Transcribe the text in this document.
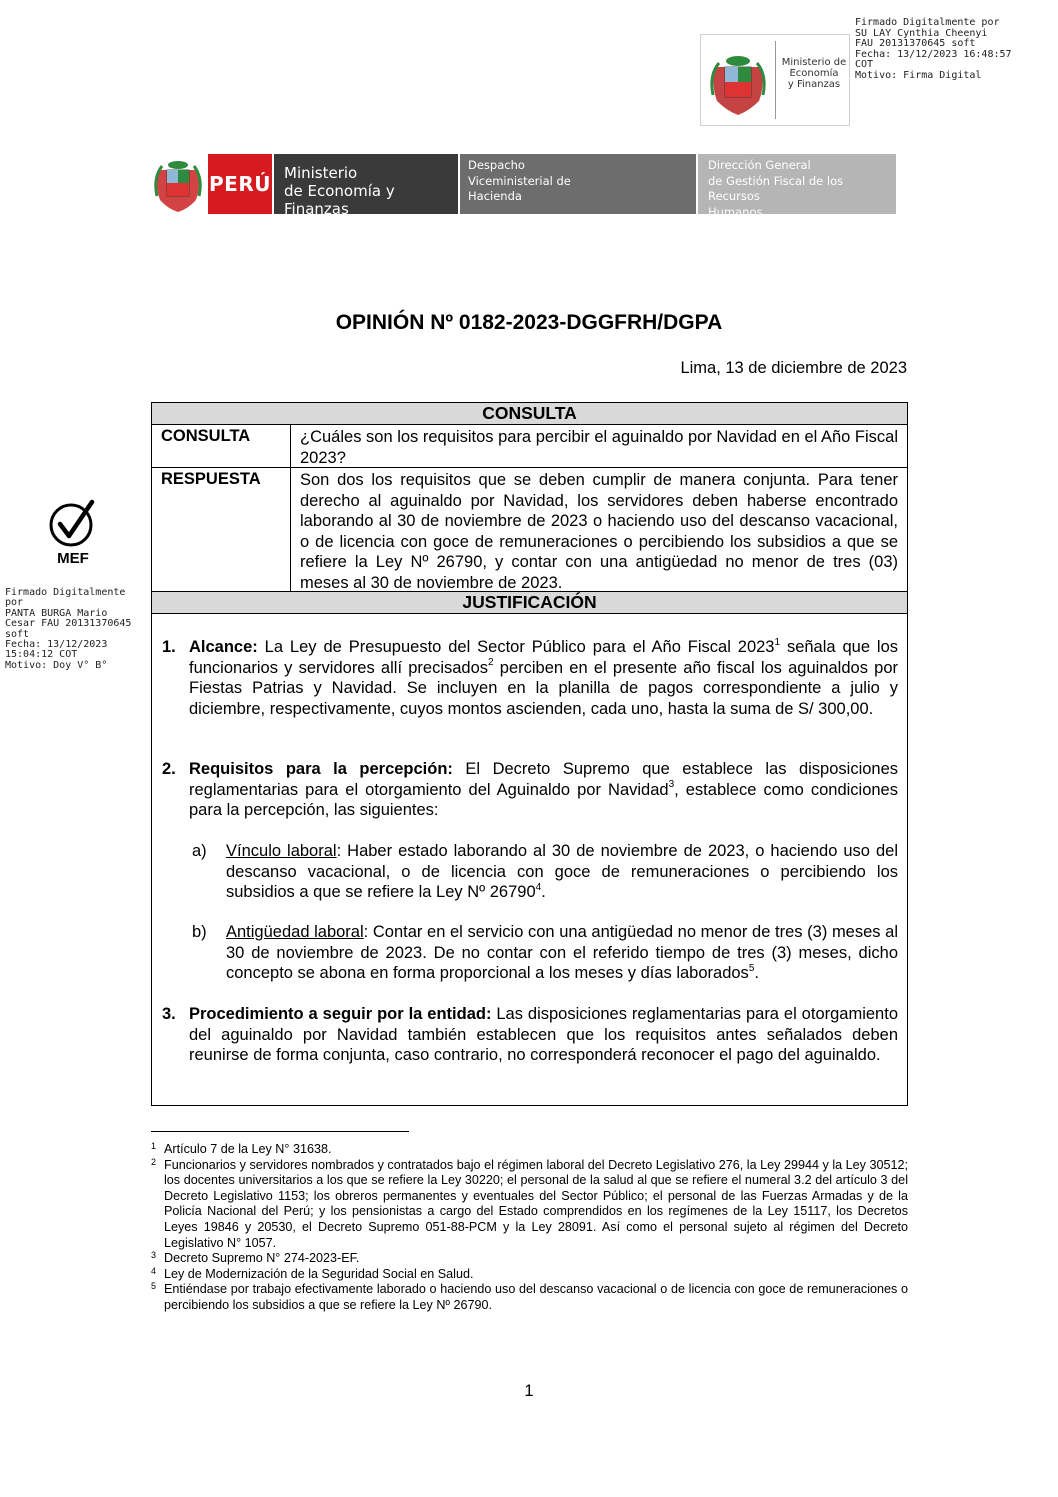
Ministerio de
Economía
y Finanzas
Firmado Digitalmente por
SU LAY Cynthia Cheenyi
FAU 20131370645 soft
Fecha: 13/12/2023 16:48:57
COT
Motivo: Firma Digital
PERÚ Ministerio
de Economía y Finanzas
Despacho
Viceministerial de
Hacienda
Dirección General
de Gestión Fiscal de los Recursos
Humanos
MEF
Firmado Digitalmente por
PANTA BURGA Mario
Cesar FAU 20131370645
soft
Fecha: 13/12/2023
15:04:12 COT
Motivo: Doy V° B°
OPINIÓN Nº 0182-2023-DGGFRH/DGPA
Lima, 13 de diciembre de 2023
CONSULTA
CONSULTA	¿Cuáles son los requisitos para percibir el aguinaldo por Navidad en el Año Fiscal 2023?
RESPUESTA	Son dos los requisitos que se deben cumplir de manera conjunta. Para tener derecho al aguinaldo por Navidad, los servidores deben haberse encontrado laborando al 30 de noviembre de 2023 o haciendo uso del descanso vacacional, o de licencia con goce de remuneraciones o percibiendo los subsidios a que se refiere la Ley Nº 26790, y contar con una antigüedad no menor de tres (03) meses al 30 de noviembre de 2023.
JUSTIFICACIÓN
1. Alcance: La Ley de Presupuesto del Sector Público para el Año Fiscal 2023$^1$ señala que los funcionarios y servidores allí precisados$^2$ perciben en el presente año fiscal los aguinaldos por Fiestas Patrias y Navidad. Se incluyen en la planilla de pagos correspondiente a julio y diciembre, respectivamente, cuyos montos ascienden, cada uno, hasta la suma de S/ 300,00.
2. Requisitos para la percepción: El Decreto Supremo que establece las disposiciones reglamentarias para el otorgamiento del Aguinaldo por Navidad$^3$, establece como condiciones para la percepción, las siguientes:
a) Vínculo laboral: Haber estado laborando al 30 de noviembre de 2023, o haciendo uso del descanso vacacional, o de licencia con goce de remuneraciones o percibiendo los subsidios a que se refiere la Ley Nº 26790$^4$.
b) Antigüedad laboral: Contar en el servicio con una antigüedad no menor de tres (3) meses al 30 de noviembre de 2023. De no contar con el referido tiempo de tres (3) meses, dicho concepto se abona en forma proporcional a los meses y días laborados$^5$.
3. Procedimiento a seguir por la entidad: Las disposiciones reglamentarias para el otorgamiento del aguinaldo por Navidad también establecen que los requisitos antes señalados deben reunirse de forma conjunta, caso contrario, no corresponderá reconocer el pago del aguinaldo.
1 Artículo 7 de la Ley N° 31638.
2 Funcionarios y servidores nombrados y contratados bajo el régimen laboral del Decreto Legislativo 276, la Ley 29944 y la Ley 30512; los docentes universitarios a los que se refiere la Ley 30220; el personal de la salud al que se refiere el numeral 3.2 del artículo 3 del Decreto Legislativo 1153; los obreros permanentes y eventuales del Sector Público; el personal de las Fuerzas Armadas y de la Policía Nacional del Perú; y los pensionistas a cargo del Estado comprendidos en los regímenes de la Ley 15117, los Decretos Leyes 19846 y 20530, el Decreto Supremo 051-88-PCM y la Ley 28091. Así como el personal sujeto al régimen del Decreto Legislativo N° 1057.
3 Decreto Supremo N° 274-2023-EF.
4 Ley de Modernización de la Seguridad Social en Salud.
5 Entiéndase por trabajo efectivamente laborado o haciendo uso del descanso vacacional o de licencia con goce de remuneraciones o percibiendo los subsidios a que se refiere la Ley Nº 26790.
1
